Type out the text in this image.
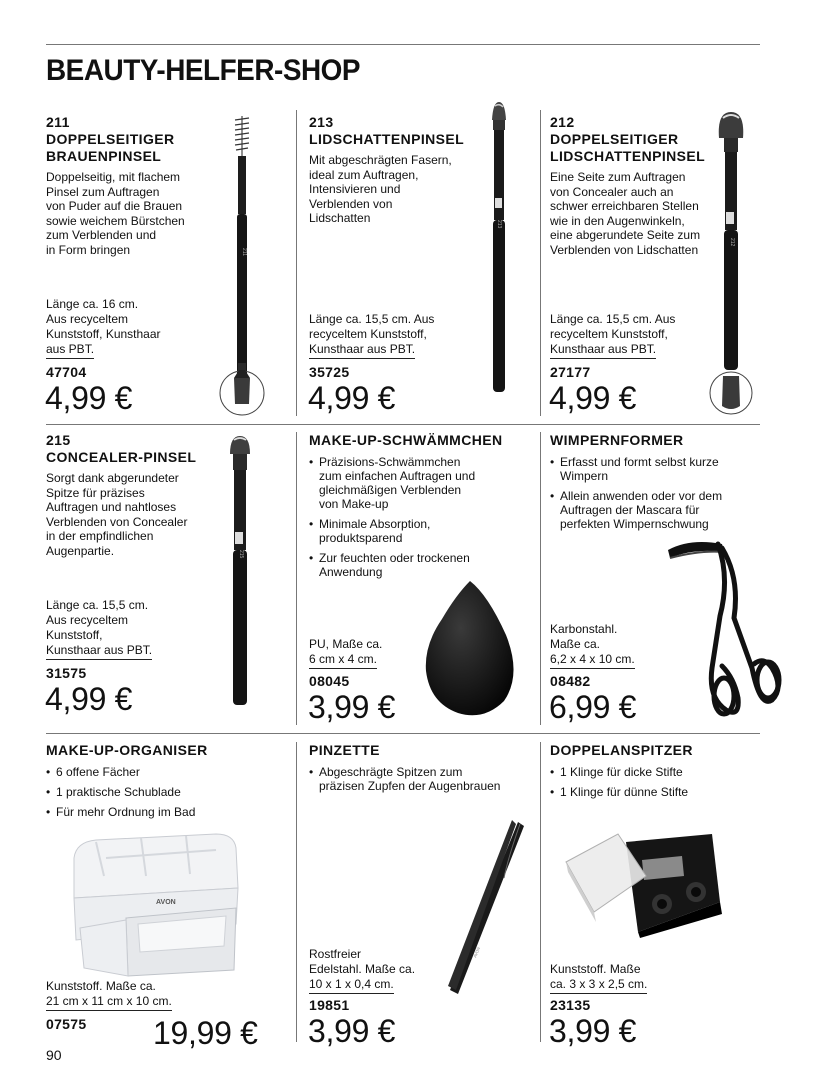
BEAUTY-HELFER-SHOP
211
DOPPELSEITIGER
BRAUENPINSEL
Doppelseitig, mit flachem
Pinsel zum Auftragen
von Puder auf die Brauen
sowie weichem Bürstchen
zum Verblenden und
in Form bringen
Länge ca. 16 cm.
Aus recyceltem
Kunststoff, Kunsthaar
aus PBT.
47704
4,99 €
211
213
LIDSCHATTENPINSEL
Mit abgeschrägten Fasern,
ideal zum Auftragen,
Intensivieren und
Verblenden von
Lidschatten
Länge ca. 15,5 cm. Aus
recyceltem Kunststoff,
Kunsthaar aus PBT.
35725
4,99 €
213
212
DOPPELSEITIGER
LIDSCHATTENPINSEL
Eine Seite zum Auftragen
von Concealer auch an
schwer erreichbaren Stellen
wie in den Augenwinkeln,
eine abgerundete Seite zum
Verblenden von Lidschatten
Länge ca. 15,5 cm. Aus
recyceltem Kunststoff,
Kunsthaar aus PBT.
27177
4,99 €
212
215
CONCEALER-PINSEL
Sorgt dank abgerundeter
Spitze für präzises
Auftragen und nahtloses
Verblenden von Concealer
in der empfindlichen
Augenpartie.
Länge ca. 15,5 cm.
Aus recyceltem
Kunststoff,
Kunsthaar aus PBT.
31575
4,99 €
215
MAKE-UP-SCHWÄMMCHEN
• Präzisions-Schwämmchen
zum einfachen Auftragen und
gleichmäßigen Verblenden
von Make-up
• Minimale Absorption,
produktsparend
• Zur feuchten oder trockenen
Anwendung
PU, Maße ca.
6 cm x 4 cm.
08045
3,99 €
WIMPERNFORMER
• Erfasst und formt selbst kurze
Wimpern
• Allein anwenden oder vor dem
Auftragen der Mascara für
perfekten Wimpernschwung
Karbonstahl.
Maße ca.
6,2 x 4 x 10 cm.
08482
6,99 €
MAKE-UP-ORGANISER
• 6 offene Fächer
• 1 praktische Schublade
• Für mehr Ordnung im Bad
AVON
Kunststoff. Maße ca.
21 cm x 11 cm x 10 cm.
07575 19,99 €
PINZETTE
• Abgeschrägte Spitzen zum
präzisen Zupfen der Augenbrauen
AVON
Rostfreier
Edelstahl. Maße ca.
10 x 1 x 0,4 cm.
19851
3,99 €
DOPPELANSPITZER
• 1 Klinge für dicke Stifte
• 1 Klinge für dünne Stifte
Kunststoff. Maße
ca. 3 x 3 x 2,5 cm.
23135
3,99 €
90
